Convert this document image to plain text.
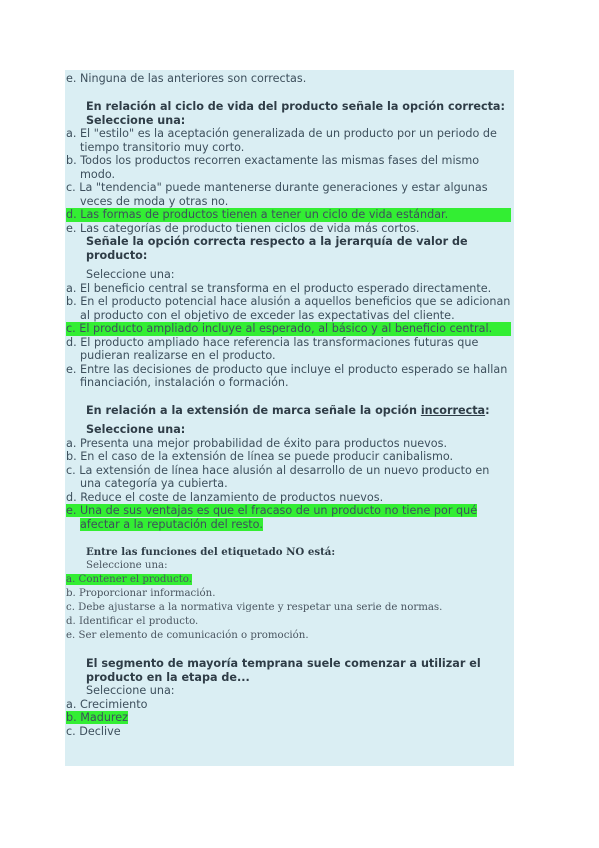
e. Ninguna de las anteriores son correctas.
En relación al ciclo de vida del producto señale la opción correcta:
Seleccione una:
a. El "estilo" es la aceptación generalizada de un producto por un periodo de tiempo transitorio muy corto.
b. Todos los productos recorren exactamente las mismas fases del mismo modo.
c. La "tendencia" puede mantenerse durante generaciones y estar algunas veces de moda y otras no.
d. Las formas de productos tienen a tener un ciclo de vida estándar.
e. Las categorías de producto tienen ciclos de vida más cortos.
Señale la opción correcta respecto a la jerarquía de valor de producto:
Seleccione una:
a. El beneficio central se transforma en el producto esperado directamente.
b. En el producto potencial hace alusión a aquellos beneficios que se adicionan al producto con el objetivo de exceder las expectativas del cliente.
c. El producto ampliado incluye al esperado, al básico y al beneficio central.
d. El producto ampliado hace referencia las transformaciones futuras que pudieran realizarse en el producto.
e. Entre las decisiones de producto que incluye el producto esperado se hallan financiación, instalación o formación.
En relación a la extensión de marca señale la opción incorrecta:
Seleccione una:
a. Presenta una mejor probabilidad de éxito para productos nuevos.
b. En el caso de la extensión de línea se puede producir canibalismo.
c. La extensión de línea hace alusión al desarrollo de un nuevo producto en una categoría ya cubierta.
d. Reduce el coste de lanzamiento de productos nuevos.
e. Una de sus ventajas es que el fracaso de un producto no tiene por qué afectar a la reputación del resto.
Entre las funciones del etiquetado NO está:
Seleccione una:
a. Contener el producto.
b. Proporcionar información.
c. Debe ajustarse a la normativa vigente y respetar una serie de normas.
d. Identificar el producto.
e. Ser elemento de comunicación o promoción.
El segmento de mayoría temprana suele comenzar a utilizar el producto en la etapa de...
Seleccione una:
a. Crecimiento
b. Madurez
c. Declive
